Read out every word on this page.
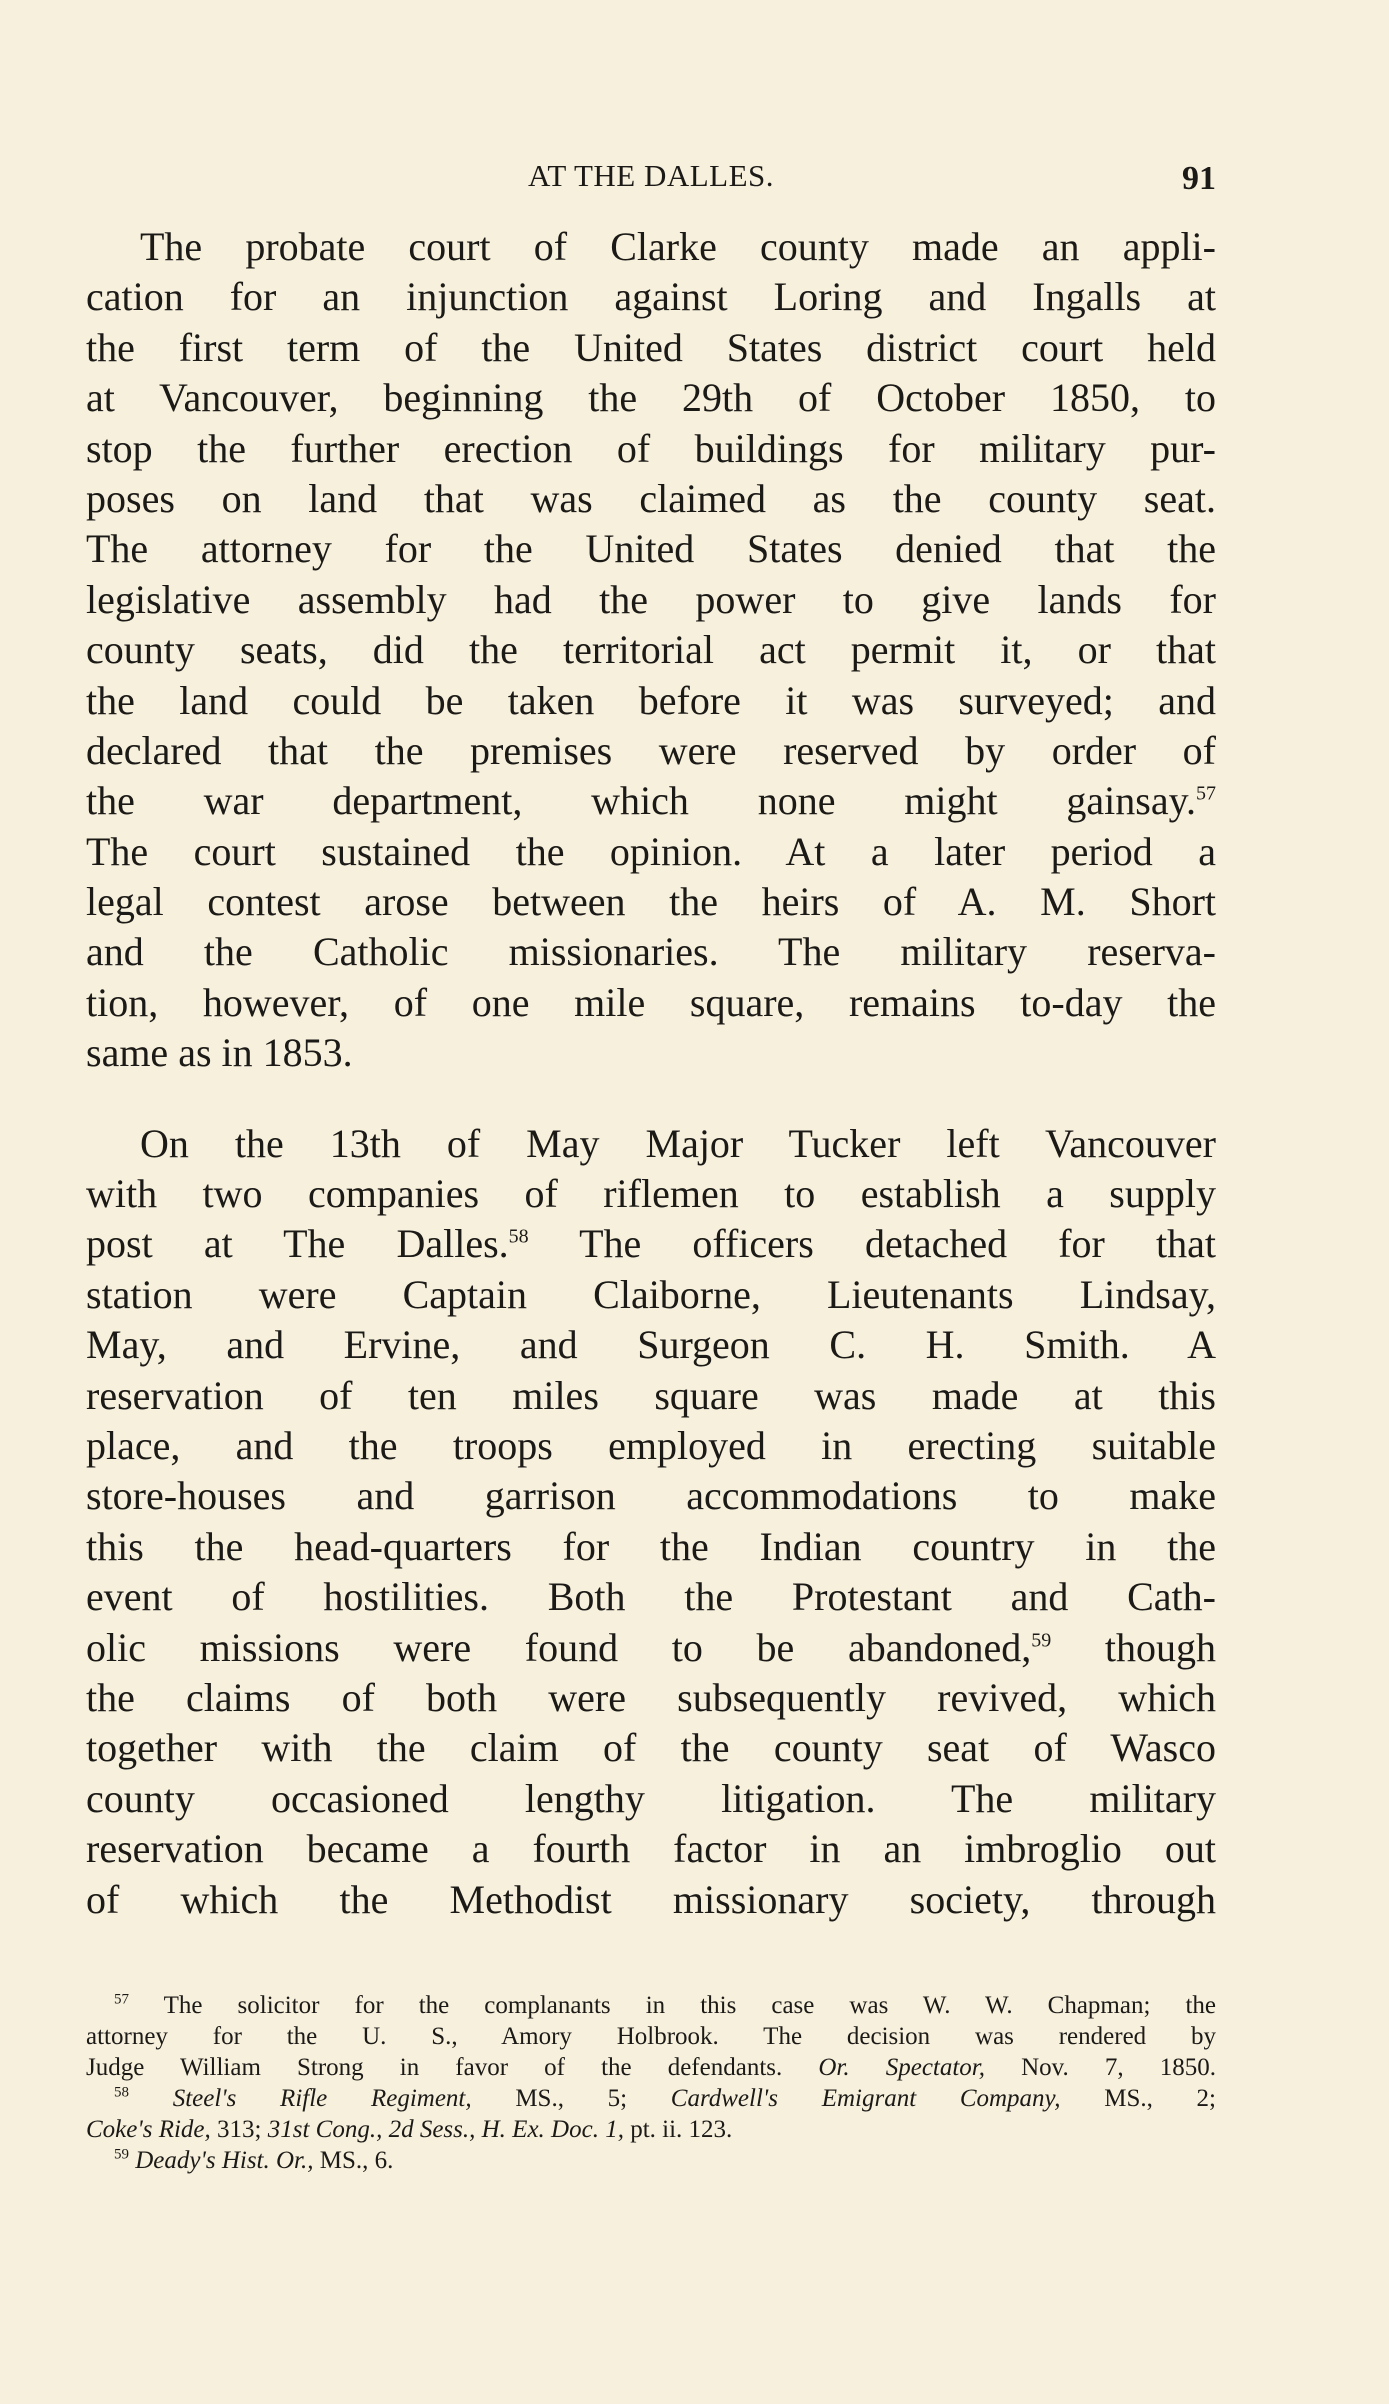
AT THE DALLES.	91
The probate court of Clarke county made an appli-
cation for an injunction against Loring and Ingalls at
the first term of the United States district court held
at Vancouver, beginning the 29th of October 1850, to
stop the further erection of buildings for military pur-
poses on land that was claimed as the county seat.
The attorney for the United States denied that the
legislative assembly had the power to give lands for
county seats, did the territorial act permit it, or that
the land could be taken before it was surveyed; and
declared that the premises were reserved by order of
the war department, which none might gainsay.$^{57}$
The court sustained the opinion. At a later period a
legal contest arose between the heirs of A. M. Short
and the Catholic missionaries. The military reserva-
tion, however, of one mile square, remains to-day the
same as in 1853.
On the 13th of May Major Tucker left Vancouver
with two companies of riflemen to establish a supply
post at The Dalles.$^{58}$ The officers detached for that
station were Captain Claiborne, Lieutenants Lindsay,
May, and Ervine, and Surgeon C. H. Smith. A
reservation of ten miles square was made at this
place, and the troops employed in erecting suitable
store-houses and garrison accommodations to make
this the head-quarters for the Indian country in the
event of hostilities. Both the Protestant and Cath-
olic missions were found to be abandoned,$^{59}$ though
the claims of both were subsequently revived, which
together with the claim of the county seat of Wasco
county occasioned lengthy litigation. The military
reservation became a fourth factor in an imbroglio out
of which the Methodist missionary society, through
$^{57}$ The solicitor for the complanants in this case was W. W. Chapman; the
attorney for the U. S., Amory Holbrook. The decision was rendered by
Judge William Strong in favor of the defendants. Or. Spectator, Nov. 7, 1850.
$^{58}$ Steel's Rifle Regiment, MS., 5; Cardwell's Emigrant Company, MS., 2;
Coke's Ride, 313; 31st Cong., 2d Sess., H. Ex. Doc. 1, pt. ii. 123.
$^{59}$ Deady's Hist. Or., MS., 6.
